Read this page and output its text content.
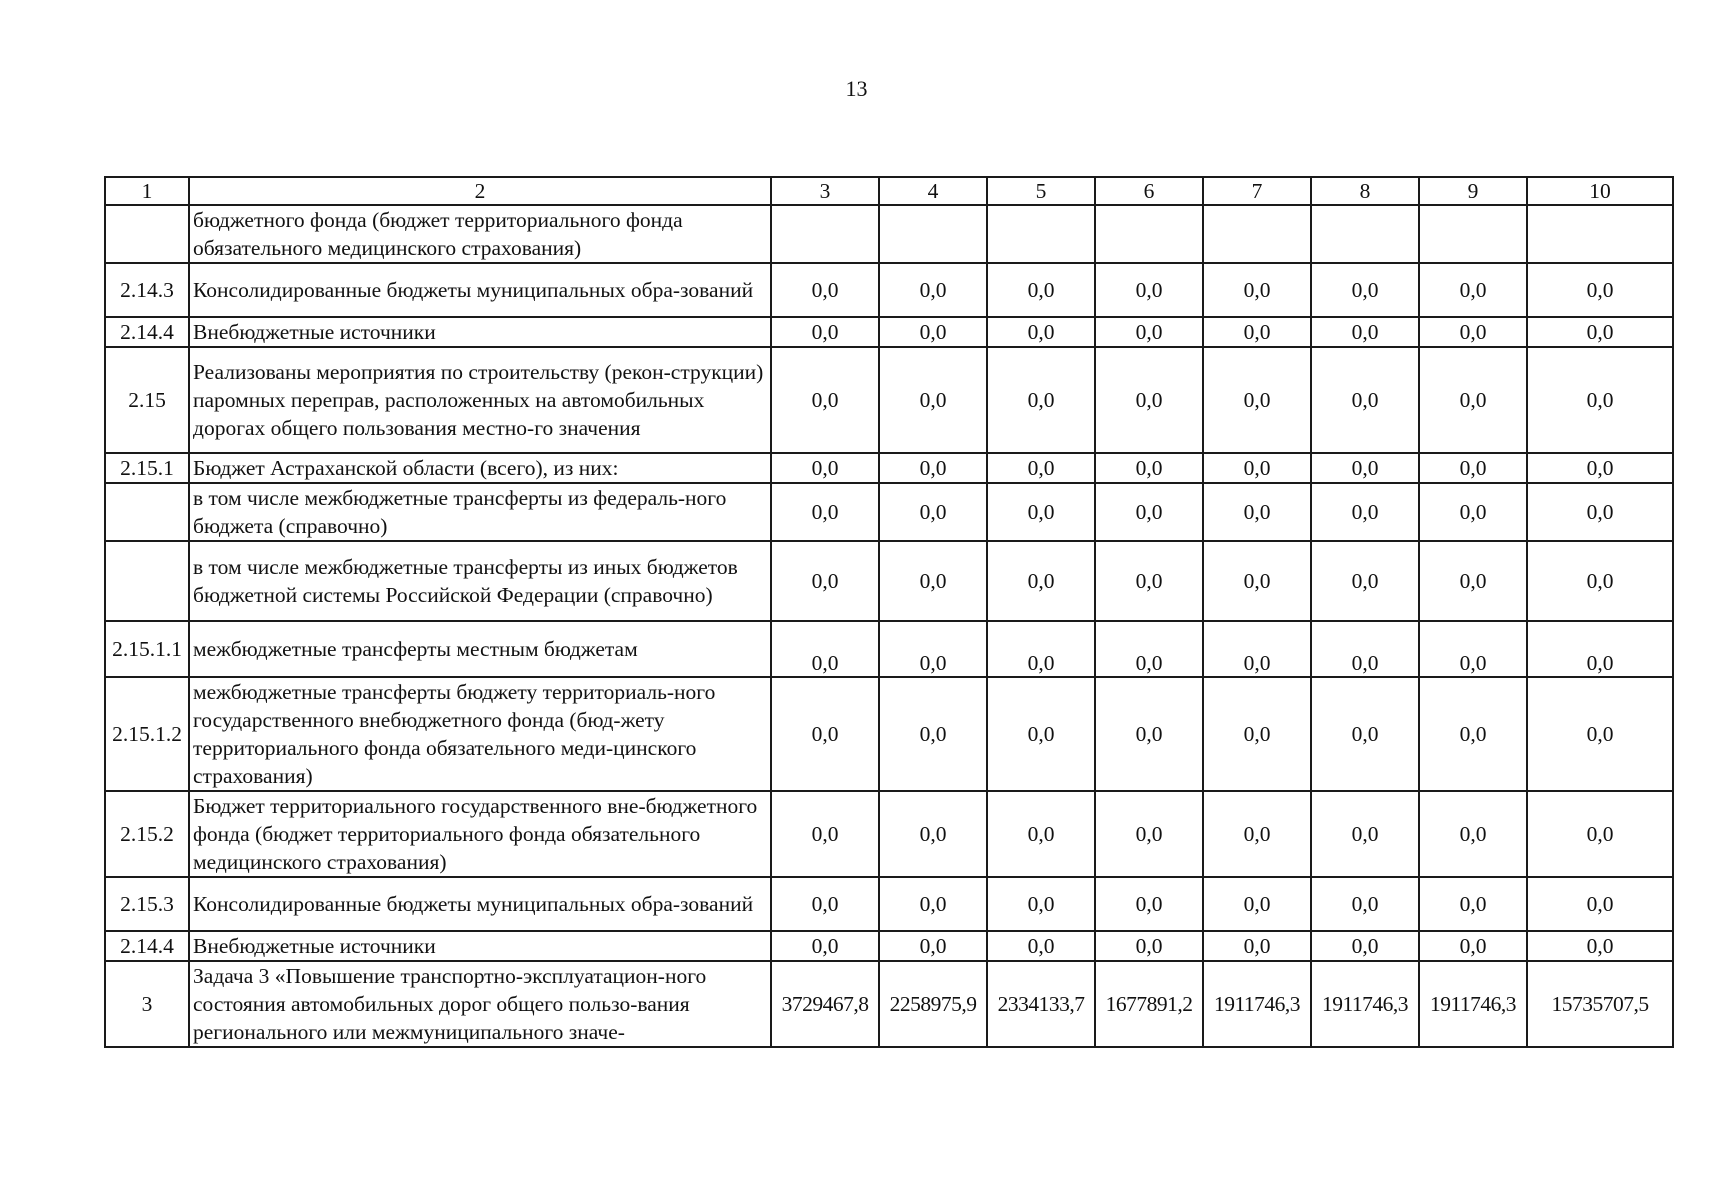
13
1	2	3	4	5	6	7	8	9	10
	бюджетного фонда (бюджет территориального фонда обязательного медицинского страхования)								
2.14.3	Консолидированные бюджеты муниципальных обра-зований	0,0	0,0	0,0	0,0	0,0	0,0	0,0	0,0
2.14.4	Внебюджетные источники	0,0	0,0	0,0	0,0	0,0	0,0	0,0	0,0
2.15	Реализованы мероприятия по строительству (рекон-струкции) паромных переправ, расположенных на автомобильных дорогах общего пользования местно-го значения	0,0	0,0	0,0	0,0	0,0	0,0	0,0	0,0
2.15.1	Бюджет Астраханской области (всего), из них:	0,0	0,0	0,0	0,0	0,0	0,0	0,0	0,0
	в том числе межбюджетные трансферты из федераль-ного бюджета (справочно)	0,0	0,0	0,0	0,0	0,0	0,0	0,0	0,0
	в том числе межбюджетные трансферты из иных бюджетов бюджетной системы Российской Федерации (справочно)	0,0	0,0	0,0	0,0	0,0	0,0	0,0	0,0
2.15.1.1	межбюджетные трансферты местным бюджетам	0,0	0,0	0,0	0,0	0,0	0,0	0,0	0,0
2.15.1.2	межбюджетные трансферты бюджету территориаль-ного государственного внебюджетного фонда (бюд-жету территориального фонда обязательного меди-цинского страхования)	0,0	0,0	0,0	0,0	0,0	0,0	0,0	0,0
2.15.2	Бюджет территориального государственного вне-бюджетного фонда (бюджет территориального фонда обязательного медицинского страхования)	0,0	0,0	0,0	0,0	0,0	0,0	0,0	0,0
2.15.3	Консолидированные бюджеты муниципальных обра-зований	0,0	0,0	0,0	0,0	0,0	0,0	0,0	0,0
2.14.4	Внебюджетные источники	0,0	0,0	0,0	0,0	0,0	0,0	0,0	0,0
3	Задача 3 «Повышение транспортно-эксплуатацион-ного состояния автомобильных дорог общего пользо-вания регионального или межмуниципального значе-	3729467,8	2258975,9	2334133,7	1677891,2	1911746,3	1911746,3	1911746,3	15735707,5
